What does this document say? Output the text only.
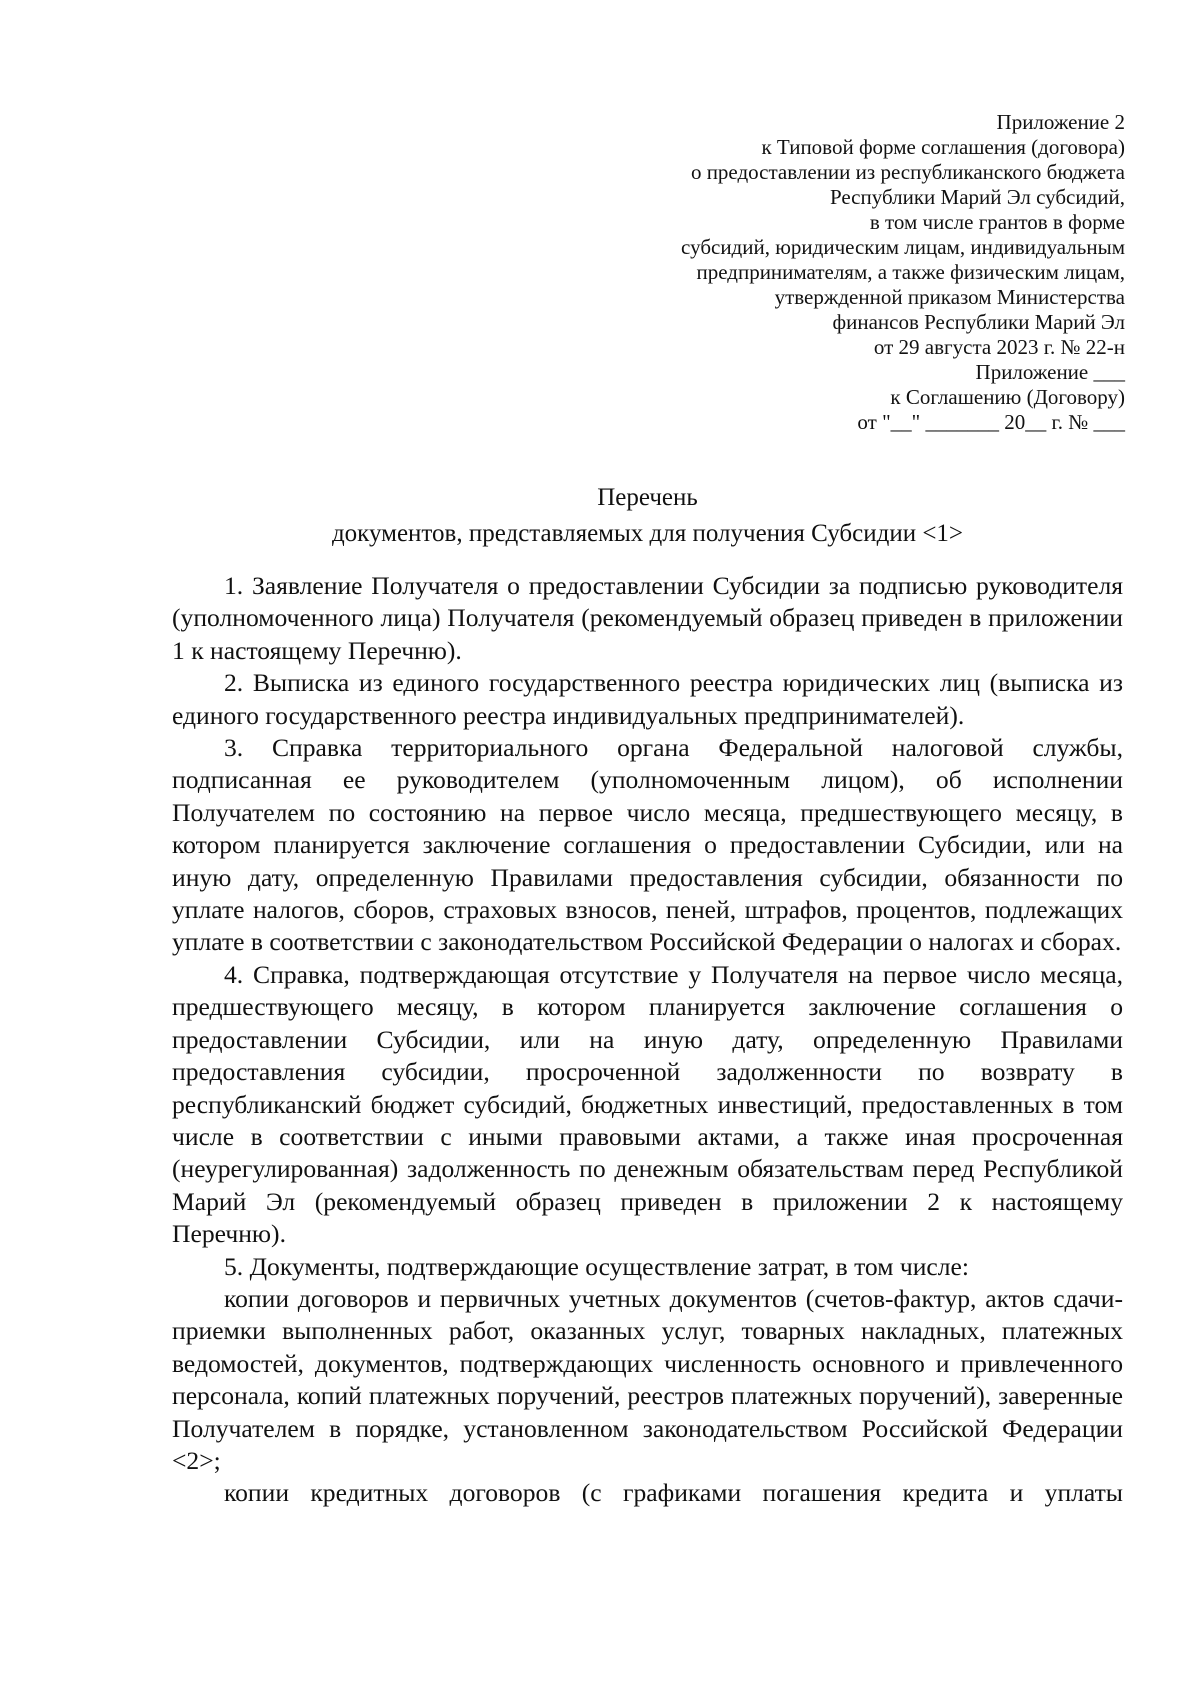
Приложение 2
к Типовой форме соглашения (договора)
о предоставлении из республиканского бюджета
Республики Марий Эл субсидий,
в том числе грантов в форме
субсидий, юридическим лицам, индивидуальным
предпринимателям, а также физическим лицам,
утвержденной приказом Министерства
финансов Республики Марий Эл
от 29 августа 2023 г. № 22-н
Приложение ___
к Соглашению (Договору)
от "__" _______ 20__ г. № ___
Перечень
документов, представляемых для получения Субсидии <1>

1. Заявление Получателя о предоставлении Субсидии за подписью руководителя (уполномоченного лица) Получателя (рекомендуемый образец приведен в приложении 1 к настоящему Перечню).

2. Выписка из единого государственного реестра юридических лиц (выписка из единого государственного реестра индивидуальных предпринимателей).

3. Справка территориального органа Федеральной налоговой службы, подписанная ее руководителем (уполномоченным лицом), об исполнении Получателем по состоянию на первое число месяца, предшествующего месяцу, в котором планируется заключение соглашения о предоставлении Субсидии, или на иную дату, определенную Правилами предоставления субсидии, обязанности по уплате налогов, сборов, страховых взносов, пеней, штрафов, процентов, подлежащих уплате в соответствии с законодательством Российской Федерации о налогах и сборах.

4. Справка, подтверждающая отсутствие у Получателя на первое число месяца, предшествующего месяцу, в котором планируется заключение соглашения о предоставлении Субсидии, или на иную дату, определенную Правилами предоставления субсидии, просроченной задолженности по возврату в республиканский бюджет субсидий, бюджетных инвестиций, предоставленных в том числе в соответствии с иными правовыми актами, а также иная просроченная (неурегулированная) задолженность по денежным обязательствам перед Республикой Марий Эл (рекомендуемый образец приведен в приложении 2 к настоящему Перечню).

5. Документы, подтверждающие осуществление затрат, в том числе:

копии договоров и первичных учетных документов (счетов-фактур, актов сдачи-приемки выполненных работ, оказанных услуг, товарных накладных, платежных ведомостей, документов, подтверждающих численность основного и привлеченного персонала, копий платежных поручений, реестров платежных поручений), заверенные Получателем в порядке, установленном законодательством Российской Федерации <2>;

копии кредитных договоров (с графиками погашения кредита и уплаты
